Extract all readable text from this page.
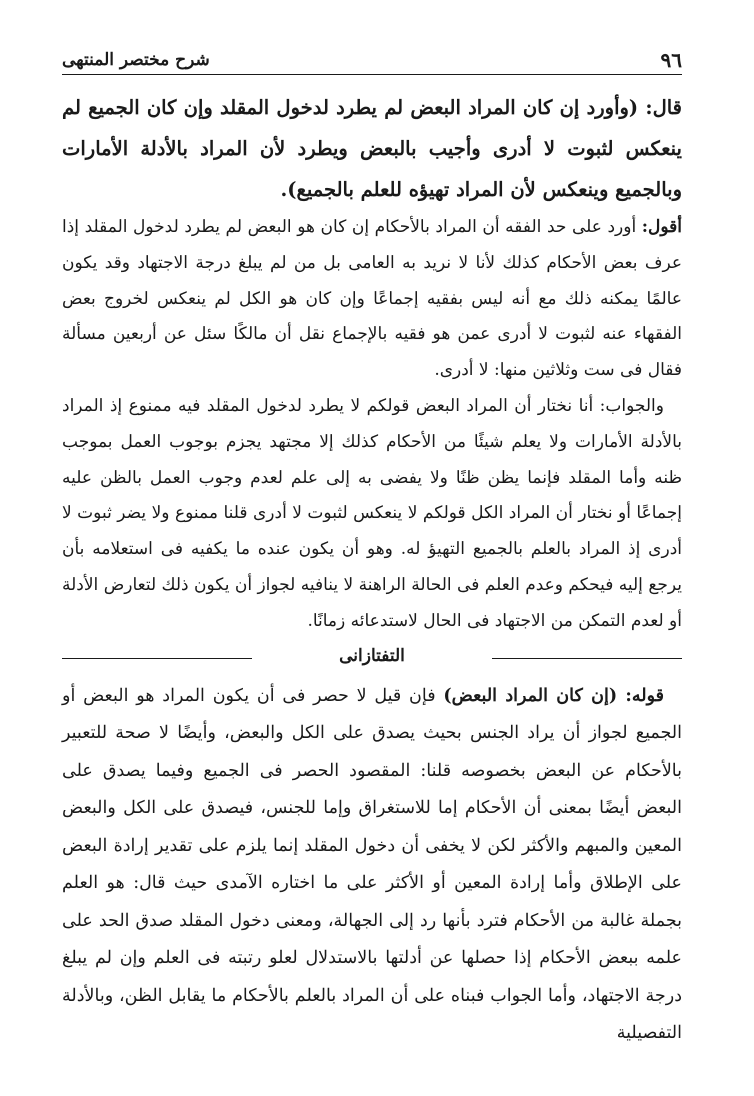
٩٦
شرح مختصر المنتهى

قال: (وأورد إن كان المراد البعض لم يطرد لدخول المقلد وإن كان الجميع لم ينعكس لثبوت لا أدرى وأجيب بالبعض ويطرد لأن المراد بالأدلة الأمارات وبالجميع وينعكس لأن المراد تهيؤه للعلم بالجميع).

أقول: أورد على حد الفقه أن المراد بالأحكام إن كان هو البعض لم يطرد لدخول المقلد إذا عرف بعض الأحكام كذلك لأنا لا نريد به العامى بل من لم يبلغ درجة الاجتهاد وقد يكون عالمًا يمكنه ذلك مع أنه ليس بفقيه إجماعًا وإن كان هو الكل لم ينعكس لخروج بعض الفقهاء عنه لثبوت لا أدرى عمن هو فقيه بالإجماع نقل أن مالكًا سئل عن أربعين مسألة فقال فى ست وثلاثين منها: لا أدرى.

والجواب: أنا نختار أن المراد البعض قولكم لا يطرد لدخول المقلد فيه ممنوع إذ المراد بالأدلة الأمارات ولا يعلم شيئًا من الأحكام كذلك إلا مجتهد يجزم بوجوب العمل بموجب ظنه وأما المقلد فإنما يظن ظنًا ولا يفضى به إلى علم لعدم وجوب العمل بالظن عليه إجماعًا أو نختار أن المراد الكل قولكم لا ينعكس لثبوت لا أدرى قلنا ممنوع ولا يضر ثبوت لا أدرى إذ المراد بالعلم بالجميع التهيؤ له. وهو أن يكون عنده ما يكفيه فى استعلامه بأن يرجع إليه فيحكم وعدم العلم فى الحالة الراهنة لا ينافيه لجواز أن يكون ذلك لتعارض الأدلة أو لعدم التمكن من الاجتهاد فى الحال لاستدعائه زمانًا.

التفتازانى

قوله: (إن كان المراد البعض) فإن قيل لا حصر فى أن يكون المراد هو البعض أو الجميع لجواز أن يراد الجنس بحيث يصدق على الكل والبعض، وأيضًا لا صحة للتعبير بالأحكام عن البعض بخصوصه قلنا: المقصود الحصر فى الجميع وفيما يصدق على البعض أيضًا بمعنى أن الأحكام إما للاستغراق وإما للجنس، فيصدق على الكل والبعض المعين والمبهم والأكثر لكن لا يخفى أن دخول المقلد إنما يلزم على تقدير إرادة البعض على الإطلاق وأما إرادة المعين أو الأكثر على ما اختاره الآمدى حيث قال: هو العلم بجملة غالبة من الأحكام فترد بأنها رد إلى الجهالة، ومعنى دخول المقلد صدق الحد على علمه ببعض الأحكام إذا حصلها عن أدلتها بالاستدلال لعلو رتبته فى العلم وإن لم يبلغ درجة الاجتهاد، وأما الجواب فبناه على أن المراد بالعلم بالأحكام ما يقابل الظن، وبالأدلة التفصيلية
